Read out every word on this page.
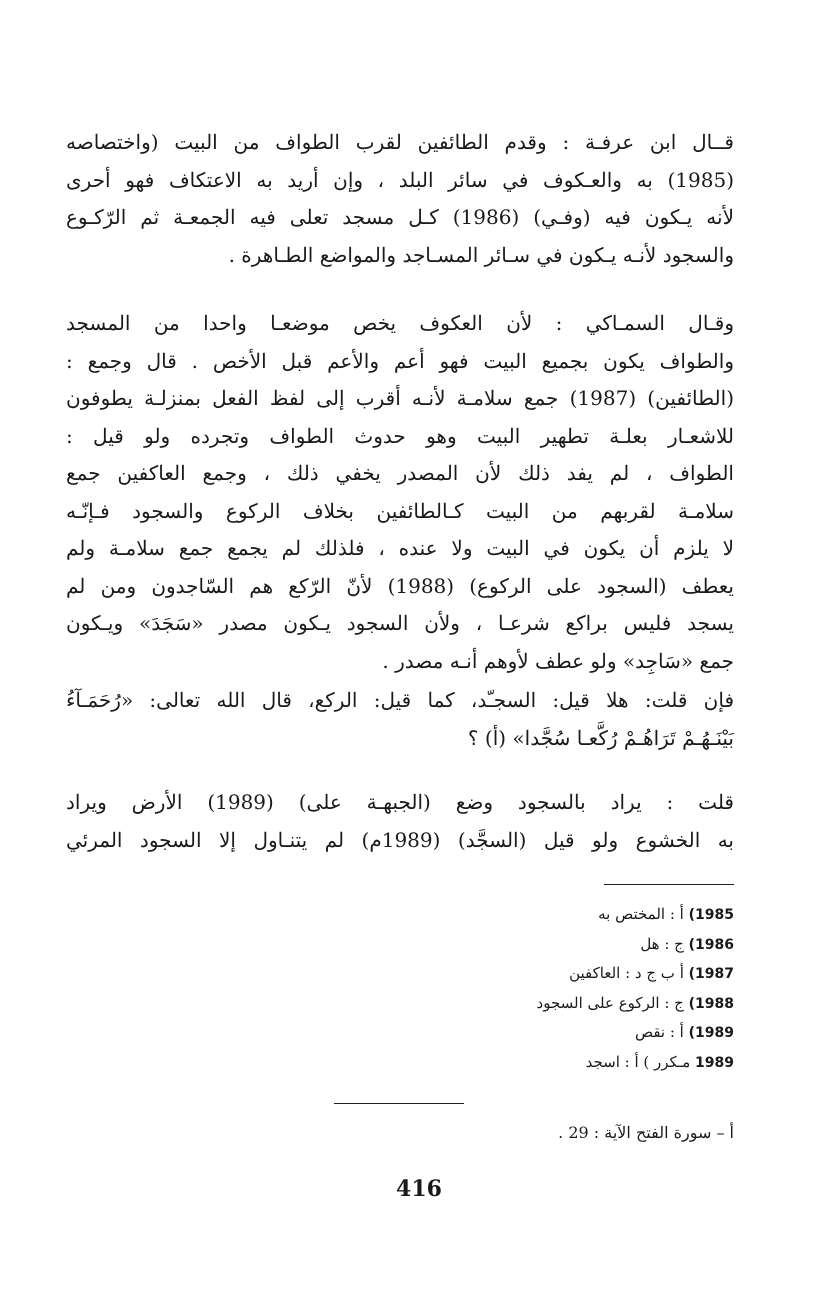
قــال ابن عرفـة : وقدم الطائفين لقرب الطواف من البيت (واختصاصه
(1985) به والعـكوف في سائر البلد ، وإن أريد به الاعتكاف فهو أحرى
لأنه يـكون فيه (وفـي) (1986) كـل مسجد تعلى فيه الجمعـة ثم الرّكـوع
والسجود لأنـه يـكون في سـائر المسـاجد والمواضع الطـاهرة .

وقـال السمـاكي : لأن العكوف يخص موضعـا واحدا من المسجد
والطواف يكون بجميع البيت فهو أعم والأعم قبل الأخص . قال وجمع :
(الطائفين) (1987) جمع سلامـة لأنـه أقرب إلى لفظ الفعل بمنزلـة يطوفون
للاشعـار بعلـة تطهير البيت وهو حدوث الطواف وتجرده ولو قيل :
الطواف ، لم يفد ذلك لأن المصدر يخفي ذلك ، وجمع العاكفين جمع
سلامـة لقربهم من البيت كـالطائفين بخلاف الركوع والسجود فـإنّـه
لا يلزم أن يكون في البيت ولا عنده ، فلذلك لم يجمع جمع سلامـة ولم
يعطف (السجود على الركوع) (1988) لأنّ الرّكع هم السّاجدون ومن لم
يسجد فليس براكع شرعـا ، ولأن السجود يـكون مصدر «سَجَدَ» ويـكون
جمع «سَاجِد» ولو عطف لأوهم أنـه مصدر .

فإن قلت: هلا قيل: السجـّد، كما قيل: الركع، قال الله تعالى: «رُحَمَـآءُ
بَيْنَـهُـمْ تَرَاهُـمْ رُكَّعـا سُجَّدا» (أ) ؟

قلت : يراد بالسجود وضع (الجبهـة على) (1989) الأرض ويراد
به الخشوع ولو قيل (السجَّد) (1989م) لم يتنـاول إلا السجود المرئي

1985) أ : المختص به
1986) ج : هل
1987) أ ب ج د : العاكفين
1988) ج : الركوع على السجود
1989) أ : نقص
1989 مـكرر ) أ : اسجد
أ – سورة الفتح الآية : 29 .
416
